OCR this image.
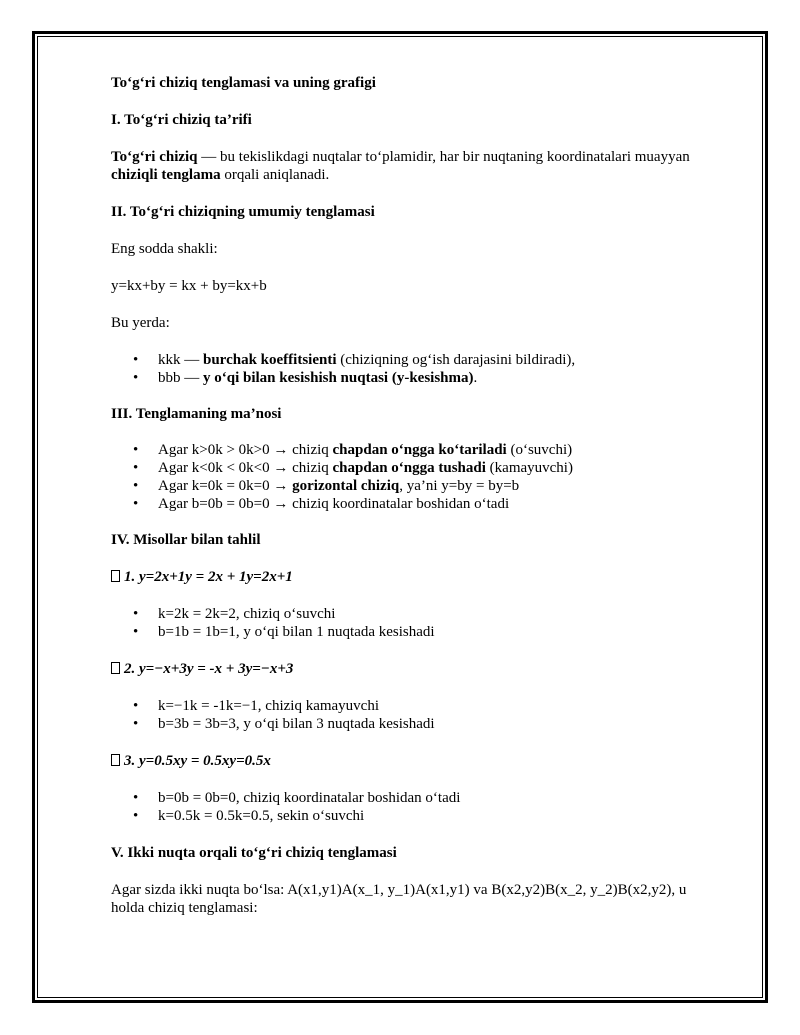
To‘g‘ri chiziq tenglamasi va uning grafigi

I. To‘g‘ri chiziq ta’rifi

To‘g‘ri chiziq — bu tekislikdagi nuqtalar to‘plamidir, har bir nuqtaning koordinatalari muayyan

chiziqli tenglama orqali aniqlanadi.

II. To‘g‘ri chiziqning umumiy tenglamasi

Eng sodda shakli:

y=kx+by = kx + by=kx+b

Bu yerda:

• kkk — burchak koeffitsienti (chiziqning og‘ish darajasini bildiradi),
• bbb — y o‘qi bilan kesishish nuqtasi (y-kesishma).

III. Tenglamaning ma’nosi

• Agar k>0k > 0k>0 → chiziq chapdan o‘ngga ko‘tariladi (o‘suvchi)
• Agar k<0k < 0k<0 → chiziq chapdan o‘ngga tushadi (kamayuvchi)
• Agar k=0k = 0k=0 → gorizontal chiziq, ya’ni y=by = by=b
• Agar b=0b = 0b=0 → chiziq koordinatalar boshidan o‘tadi

IV. Misollar bilan tahlil

1. y=2x+1y = 2x + 1y=2x+1

• k=2k = 2k=2, chiziq o‘suvchi
• b=1b = 1b=1, y o‘qi bilan 1 nuqtada kesishadi

2. y=−x+3y = -x + 3y=−x+3

• k=−1k = -1k=−1, chiziq kamayuvchi
• b=3b = 3b=3, y o‘qi bilan 3 nuqtada kesishadi

3. y=0.5xy = 0.5xy=0.5x

• b=0b = 0b=0, chiziq koordinatalar boshidan o‘tadi
• k=0.5k = 0.5k=0.5, sekin o‘suvchi

V. Ikki nuqta orqali to‘g‘ri chiziq tenglamasi

Agar sizda ikki nuqta bo‘lsa: A(x1,y1)A(x_1, y_1)A(x1,y1) va B(x2,y2)B(x_2, y_2)B(x2,y2), u

holda chiziq tenglamasi:
